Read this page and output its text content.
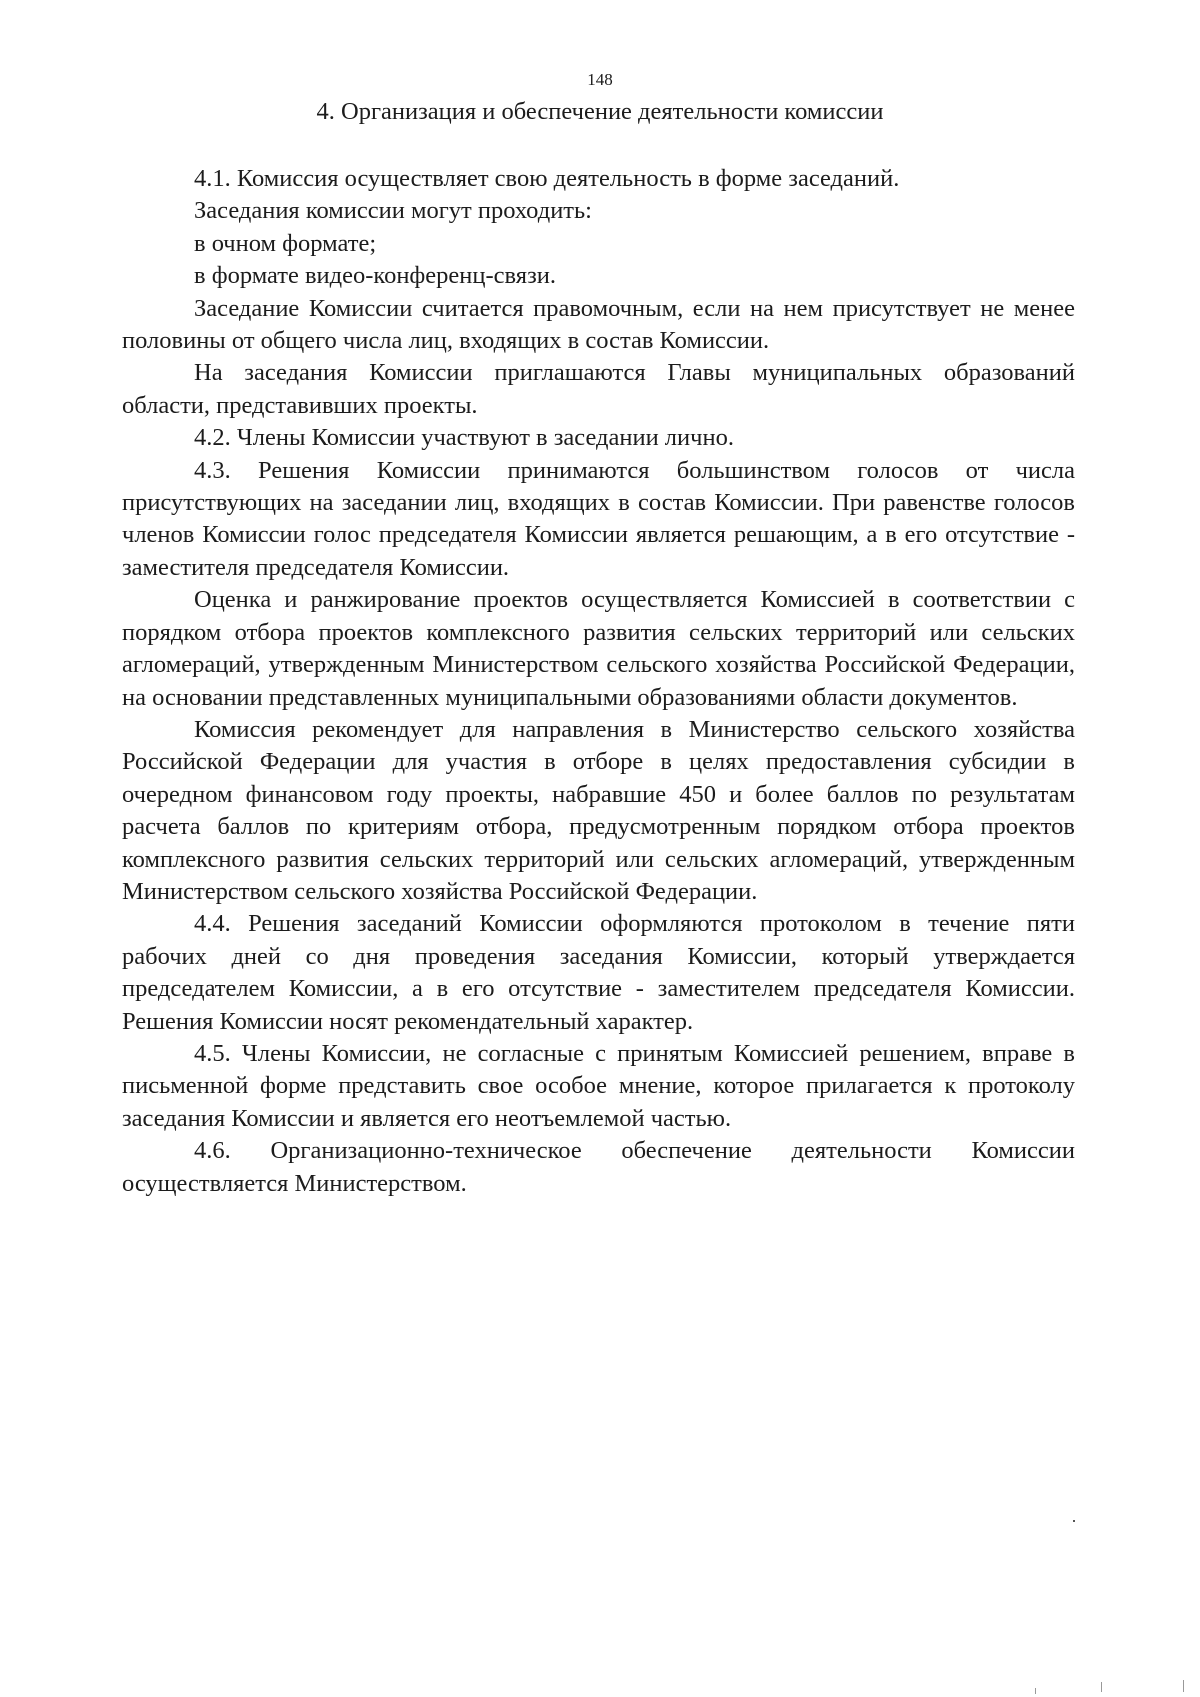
148
4. Организация и обеспечение деятельности комиссии

4.1. Комиссия осуществляет свою деятельность в форме заседаний.

Заседания комиссии могут проходить:

в очном формате;

в формате видео-конференц-связи.

Заседание Комиссии считается правомочным, если на нем присутствует не менее половины от общего числа лиц, входящих в состав Комиссии.

На заседания Комиссии приглашаются Главы муниципальных образований области, представивших проекты.

4.2. Члены Комиссии участвуют в заседании лично.

4.3. Решения Комиссии принимаются большинством голосов от числа присутствующих на заседании лиц, входящих в состав Комиссии. При равенстве голосов членов Комиссии голос председателя Комиссии является решающим, а в его отсутствие - заместителя председателя Комиссии.

Оценка и ранжирование проектов осуществляется Комиссией в соответствии с порядком отбора проектов комплексного развития сельских территорий или сельских агломераций, утвержденным Министерством сельского хозяйства Российской Федерации, на основании представленных муниципальными образованиями области документов.

Комиссия рекомендует для направления в Министерство сельского хозяйства Российской Федерации для участия в отборе в целях предоставления субсидии в очередном финансовом году проекты, набравшие 450 и более баллов по результатам расчета баллов по критериям отбора, предусмотренным порядком отбора проектов комплексного развития сельских территорий или сельских агломераций, утвержденным Министерством сельского хозяйства Российской Федерации.

4.4. Решения заседаний Комиссии оформляются протоколом в течение пяти рабочих дней со дня проведения заседания Комиссии, который утверждается председателем Комиссии, а в его отсутствие - заместителем председателя Комиссии. Решения Комиссии носят рекомендательный характер.

4.5. Члены Комиссии, не согласные с принятым Комиссией решением, вправе в письменной форме представить свое особое мнение, которое прилагается к протоколу заседания Комиссии и является его неотъемлемой частью.

4.6. Организационно-техническое обеспечение деятельности Комиссии осуществляется Министерством.
